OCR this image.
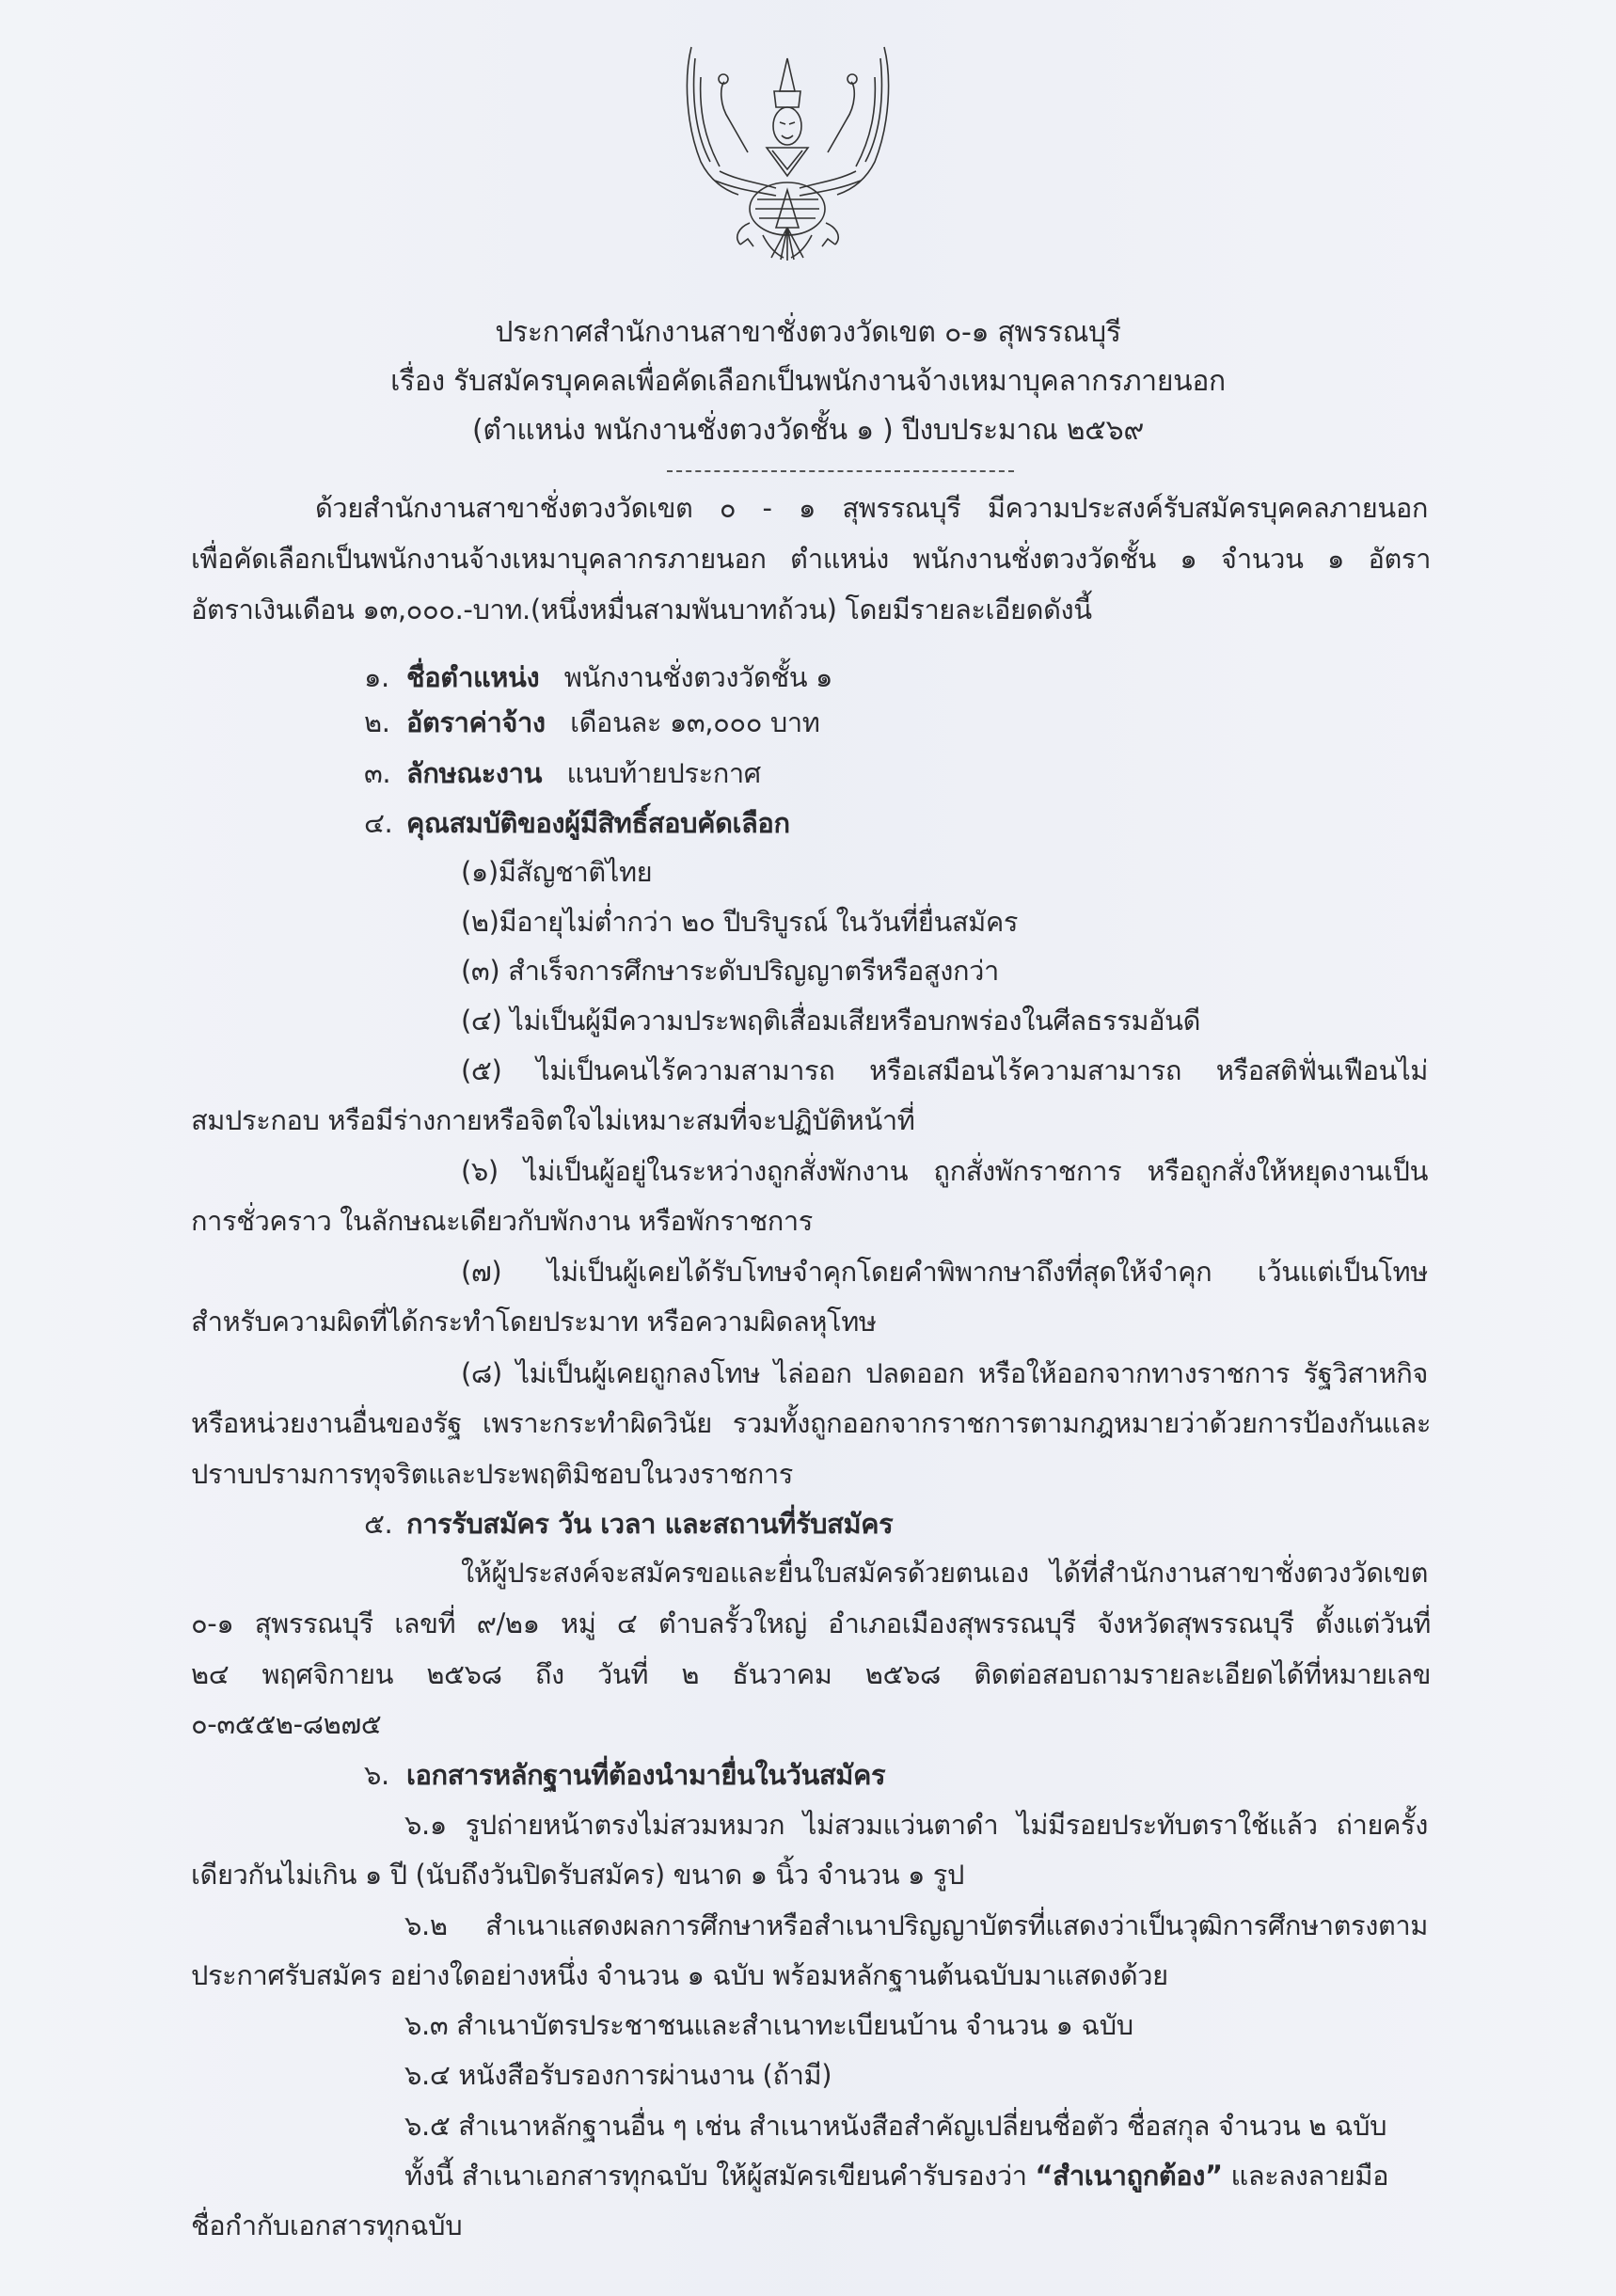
ประกาศสำนักงานสาขาชั่งตวงวัดเขต ๐-๑ สุพรรณบุรี
เรื่อง รับสมัครบุคคลเพื่อคัดเลือกเป็นพนักงานจ้างเหมาบุคลากรภายนอก
(ตำแหน่ง พนักงานชั่งตวงวัดชั้น ๑ ) ปีงบประมาณ ๒๕๖๙
ด้วยสำนักงานสาขาชั่งตวงวัดเขต ๐ - ๑ สุพรรณบุรี มีความประสงค์รับสมัครบุคคลภายนอก
เพื่อคัดเลือกเป็นพนักงานจ้างเหมาบุคลากรภายนอก ตำแหน่ง พนักงานชั่งตวงวัดชั้น ๑ จำนวน ๑ อัตรา
อัตราเงินเดือน ๑๓,๐๐๐.-บาท.(หนึ่งหมื่นสามพันบาทถ้วน) โดยมีรายละเอียดดังนี้
๑. ชื่อตำแหน่ง พนักงานชั่งตวงวัดชั้น ๑
๒. อัตราค่าจ้าง เดือนละ ๑๓,๐๐๐ บาท
๓. ลักษณะงาน แนบท้ายประกาศ
๔. คุณสมบัติของผู้มีสิทธิ์สอบคัดเลือก
(๑)มีสัญชาติไทย
(๒)มีอายุไม่ต่ำกว่า ๒๐ ปีบริบูรณ์ ในวันที่ยื่นสมัคร
(๓) สำเร็จการศึกษาระดับปริญญาตรีหรือสูงกว่า
(๔) ไม่เป็นผู้มีความประพฤติเสื่อมเสียหรือบกพร่องในศีลธรรมอันดี
(๕) ไม่เป็นคนไร้ความสามารถ หรือเสมือนไร้ความสามารถ หรือสติฟั่นเฟือนไม่
สมประกอบ หรือมีร่างกายหรือจิตใจไม่เหมาะสมที่จะปฏิบัติหน้าที่
(๖) ไม่เป็นผู้อยู่ในระหว่างถูกสั่งพักงาน ถูกสั่งพักราชการ หรือถูกสั่งให้หยุดงานเป็น
การชั่วคราว ในลักษณะเดียวกับพักงาน หรือพักราชการ
(๗) ไม่เป็นผู้เคยได้รับโทษจำคุกโดยคำพิพากษาถึงที่สุดให้จำคุก เว้นแต่เป็นโทษ
สำหรับความผิดที่ได้กระทำโดยประมาท หรือความผิดลหุโทษ
(๘) ไม่เป็นผู้เคยถูกลงโทษ ไล่ออก ปลดออก หรือให้ออกจากทางราชการ รัฐวิสาหกิจ
หรือหน่วยงานอื่นของรัฐ เพราะกระทำผิดวินัย รวมทั้งถูกออกจากราชการตามกฎหมายว่าด้วยการป้องกันและ
ปราบปรามการทุจริตและประพฤติมิชอบในวงราชการ
๕. การรับสมัคร วัน เวลา และสถานที่รับสมัคร
ให้ผู้ประสงค์จะสมัครขอและยื่นใบสมัครด้วยตนเอง ได้ที่สำนักงานสาขาชั่งตวงวัดเขต
๐-๑ สุพรรณบุรี เลขที่ ๙/๒๑ หมู่ ๔ ตำบลรั้วใหญ่ อำเภอเมืองสุพรรณบุรี จังหวัดสุพรรณบุรี ตั้งแต่วันที่
๒๔ พฤศจิกายน ๒๕๖๘ ถึง วันที่ ๒ ธันวาคม ๒๕๖๘ ติดต่อสอบถามรายละเอียดได้ที่หมายเลข
๐-๓๕๕๒-๘๒๗๕
๖. เอกสารหลักฐานที่ต้องนำมายื่นในวันสมัคร
๖.๑ รูปถ่ายหน้าตรงไม่สวมหมวก ไม่สวมแว่นตาดำ ไม่มีรอยประทับตราใช้แล้ว ถ่ายครั้ง
เดียวกันไม่เกิน ๑ ปี (นับถึงวันปิดรับสมัคร) ขนาด ๑ นิ้ว จำนวน ๑ รูป
๖.๒ สำเนาแสดงผลการศึกษาหรือสำเนาปริญญาบัตรที่แสดงว่าเป็นวุฒิการศึกษาตรงตาม
ประกาศรับสมัคร อย่างใดอย่างหนึ่ง จำนวน ๑ ฉบับ พร้อมหลักฐานต้นฉบับมาแสดงด้วย
๖.๓ สำเนาบัตรประชาชนและสำเนาทะเบียนบ้าน จำนวน ๑ ฉบับ
๖.๔ หนังสือรับรองการผ่านงาน (ถ้ามี)
๖.๕ สำเนาหลักฐานอื่น ๆ เช่น สำเนาหนังสือสำคัญเปลี่ยนชื่อตัว ชื่อสกุล จำนวน ๒ ฉบับ
ทั้งนี้ สำเนาเอกสารทุกฉบับ ให้ผู้สมัครเขียนคำรับรองว่า “สำเนาถูกต้อง” และลงลายมือ
ชื่อกำกับเอกสารทุกฉบับ
